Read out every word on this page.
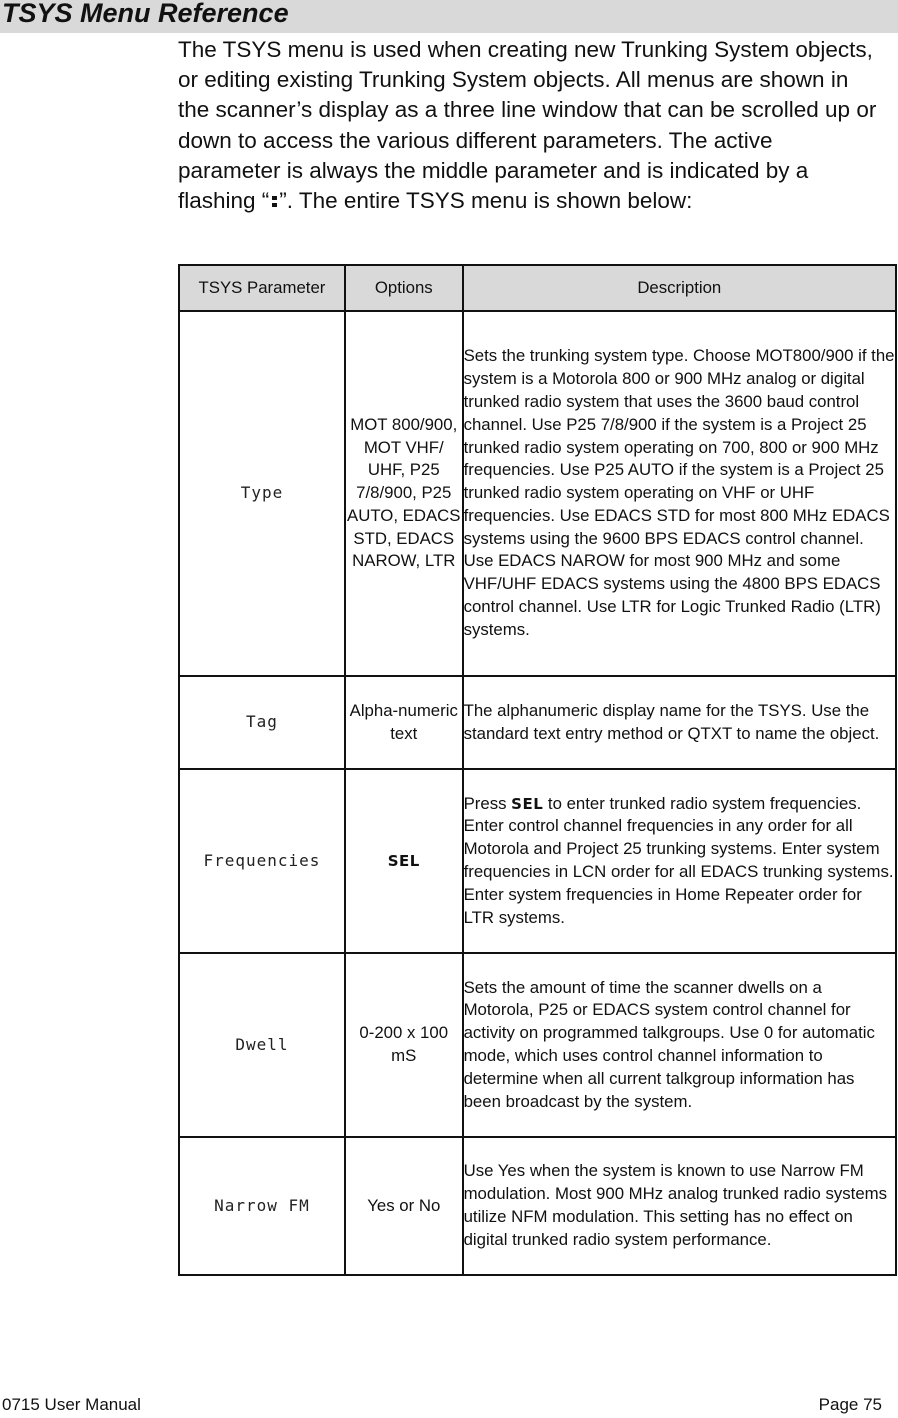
TSYS Menu Reference
The TSYS menu is used when creating new Trunking System objects, or editing existing Trunking System objects. All menus are shown in the scanner’s display as a three line window that can be scrolled up or down to access the various different parameters. The active parameter is always the middle parameter and is indicated by a flashing “ ”. The entire TSYS menu is shown below:
TSYS Parameter	Options	Description
Type	MOT 800/900, MOT VHF/ UHF, P25 7/8/900, P25 AUTO, EDACS STD, EDACS NAROW, LTR	Sets the trunking system type. Choose MOT800/900 if the system is a Motorola 800 or 900 MHz analog or digital trunked radio system that uses the 3600 baud control channel. Use P25 7/8/900 if the system is a Project 25 trunked radio system operating on 700, 800 or 900 MHz frequencies. Use P25 AUTO if the system is a Project 25 trunked radio system operating on VHF or UHF frequencies. Use EDACS STD for most 800 MHz EDACS systems using the 9600 BPS EDACS control channel. Use EDACS NAROW for most 900 MHz and some VHF/UHF EDACS systems using the 4800 BPS EDACS control channel. Use LTR for Logic Trunked Radio (LTR) systems.
Tag	Alpha-numeric text	The alphanumeric display name for the TSYS. Use the standard text entry method or QTXT to name the object.
Frequencies	SEL	Press SEL to enter trunked radio system frequencies. Enter control channel frequencies in any order for all Motorola and Project 25 trunking systems. Enter system frequencies in LCN order for all EDACS trunking systems. Enter system frequencies in Home Repeater order for LTR systems.
Dwell	0-200 x 100 mS	Sets the amount of time the scanner dwells on a Motorola, P25 or EDACS system control channel for activity on programmed talkgroups. Use 0 for automatic mode, which uses control channel information to determine when all current talkgroup information has been broadcast by the system.
Narrow FM	Yes or No	Use Yes when the system is known to use Narrow FM modulation. Most 900 MHz analog trunked radio systems utilize NFM modulation. This setting has no effect on digital trunked radio system performance.
0715 User Manual	Page 75
